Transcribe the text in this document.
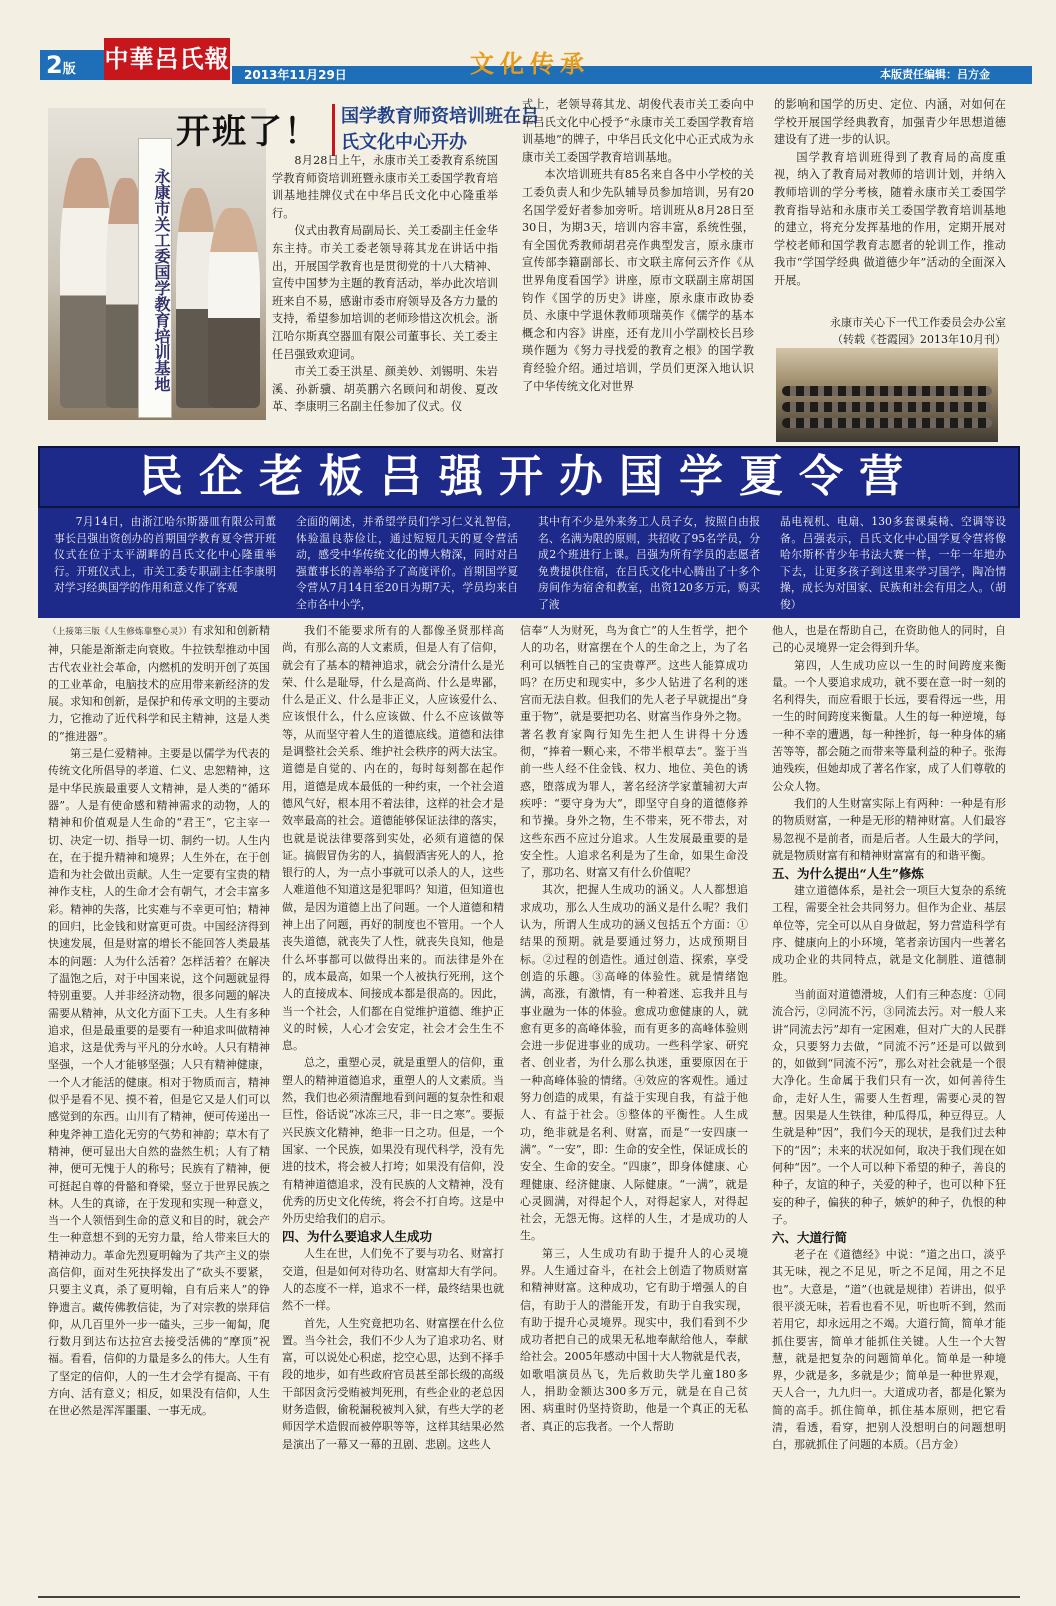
2版	中華呂氏報
2013年11月29日	文化传承	本版责任编辑：吕方金
永康市关工委国学教育培训基地
开班了！	国学教育师资培训班在吕氏文化中心开办

8月28日上午，永康市关工委教育系统国学教育师资培训班暨永康市关工委国学教育培训基地挂牌仪式在中华吕氏文化中心隆重举行。

仪式由教育局副局长、关工委副主任金华东主持。市关工委老领导蒋其龙在讲话中指出，开展国学教育也是贯彻党的十八大精神、宣传中国梦为主题的教育活动，举办此次培训班来自不易，感谢市委市府领导及各方力量的支持，希望参加培训的老师珍惜这次机会。浙江哈尔斯真空器皿有限公司董事长、关工委主任吕强致欢迎词。

市关工委王洪星、颜美妙、刘锡明、朱岩溪、孙新骥、胡英鹏六名顾问和胡俊、夏改革、李康明三名副主任参加了仪式。仪

式上，老领导蒋其龙、胡俊代表市关工委向中华吕氏文化中心授予“永康市关工委国学教育培训基地”的牌子，中华吕氏文化中心正式成为永康市关工委国学教育培训基地。

本次培训班共有85名来自各中小学校的关工委负责人和少先队辅导员参加培训，另有20名国学爱好者参加旁听。培训班从8月28日至30日，为期3天，培训内容丰富，系统性强，有全国优秀教师胡君亮作典型发言，原永康市宣传部李籍副部长、市文联主席何云齐作《从世界角度看国学》讲座，原市文联副主席胡国钧作《国学的历史》讲座，原永康市政协委员、永康中学退休教师项瑞英作《儒学的基本概念和内容》讲座，还有龙川小学副校长吕珍瑛作题为《努力寻找爱的教育之根》的国学教育经验介绍。通过培训，学员们更深入地认识了中华传统文化对世界

的影响和国学的历史、定位、内涵，对如何在学校开展国学经典教育，加强青少年思想道德建设有了进一步的认识。

国学教育培训班得到了教育局的高度重视，纳入了教育局对教师的培训计划，并纳入教师培训的学分考核，随着永康市关工委国学教育指导站和永康市关工委国学教育培训基地的建立，将充分发挥基地的作用，定期开展对学校老师和国学教育志愿者的轮训工作，推动我市“学国学经典 做道德少年”活动的全面深入开展。

永康市关心下一代工作委员会办公室
（转载《苍霞园》2013年10月刊）
民企老板吕强开办国学夏令营

7月14日，由浙江哈尔斯器皿有限公司董事长吕强出资创办的首期国学教育夏令营开班仪式在位于太平湖畔的吕氏文化中心隆重举行。开班仪式上，市关工委专职副主任李康明对学习经典国学的作用和意义作了客观

全面的阐述，并希望学员们学习仁义礼智信，体验温良恭俭让，通过短短几天的夏令营活动，感受中华传统文化的博大精深，同时对吕强董事长的善举给予了高度评价。首期国学夏令营从7月14日至20日为期7天，学员均来自全市各中小学，

其中有不少是外来务工人员子女，按照自由报名、名满为限的原则，共招收了95名学员，分成2个班进行上课。吕强为所有学员的志愿者免费提供住宿，在吕氏文化中心腾出了十多个房间作为宿舍和教室，出资120多万元，购买了液

晶电视机、电扇、130多套课桌椅、空调等设备。吕强表示，吕氏文化中心国学夏令营将像哈尔斯杯青少年书法大赛一样，一年一年地办下去，让更多孩子到这里来学习国学，陶冶情操，成长为对国家、民族和社会有用之人。（胡俊）

（上接第三版《人生修炼靠整心灵》）有求知和创新精神，只能是渐渐走向衰败。牛拉铁犁推动中国古代农业社会革命，内燃机的发明开创了英国的工业革命，电脑技术的应用带来新经济的发展。求知和创新，是保护和传承文明的主要动力，它推动了近代科学和民主精神，这是人类的“推进器”。

第三是仁爱精神。主要是以儒学为代表的传统文化所倡导的孝道、仁义、忠恕精神，这是中华民族最重要人文精神，是人类的“循环器”。人是有使命感和精神需求的动物，人的精神和价值观是人生命的“君王”，它主宰一切、决定一切、指导一切、制约一切。人生内在，在于提升精神和境界；人生外在，在于创造和为社会做出贡献。人生一定要有宝贵的精神作支柱，人的生命才会有朝气，才会丰富多彩。精神的失落，比实难与不幸更可怕；精神的回归，比金钱和财富更可贵。中国经济得到快速发展，但是财富的增长不能回答人类最基本的问题：人为什么活着？怎样活着？在解决了温饱之后，对于中国来说，这个问题就显得特别重要。人并非经济动物，很多问题的解决需要从精神，从文化方面下工夫。人生有多种追求，但是最重要的是要有一种追求叫做精神追求，这是优秀与平凡的分水岭。人只有精神坚强，一个人才能够坚强；人只有精神健康，一个人才能活的健康。相对于物质而言，精神似乎是看不见、摸不着，但是它又是人们可以感觉到的东西。山川有了精神，便可传递出一种鬼斧神工造化无穷的气势和神韵；草木有了精神，便可显出大自然的盎然生机；人有了精神，便可无愧于人的称号；民族有了精神，便可挺起自尊的骨骼和脊梁，竖立于世界民族之林。人生的真谛，在于发现和实现一种意义，当一个人领悟到生命的意义和目的时，就会产生一种意想不到的无穷力量，给人带来巨大的精神动力。革命先烈夏明翰为了共产主义的崇高信仰，面对生死抉择发出了“砍头不要紧，只要主义真，杀了夏明翰，自有后来人”的铮铮遗言。藏传佛教信徒，为了对宗教的崇拜信仰，从几百里外一步一磕头，三步一匍匐，爬行数月到达布达拉宫去接受活佛的“摩顶”祝福。看看，信仰的力量是多么的伟大。人生有了坚定的信仰，人的一生才会学有提高、干有方向、活有意义；相反，如果没有信仰，人生在世必然是浑浑噩噩、一事无成。

我们不能要求所有的人都像圣贤那样高尚，有那么高的人文素质，但是人有了信仰，就会有了基本的精神追求，就会分清什么是光荣、什么是耻辱，什么是高尚、什么是卑鄙，什么是正义、什么是非正义，人应该爱什么、应该恨什么，什么应该做、什么不应该做等等，从而坚守着人生的道德底线。道德和法律是调整社会关系、维护社会秩序的两大法宝。道德是自觉的、内在的，每时每刻都在起作用，道德是成本最低的一种约束，一个社会道德风气好，根本用不着法律，这样的社会才是效率最高的社会。道德能够保证法律的落实，也就是说法律要落到实处，必须有道德的保证。搞假冒伪劣的人，搞假酒害死人的人，抢银行的人，为一点小事就可以杀人的人，这些人难道他不知道这是犯罪吗？知道，但知道也做，是因为道德上出了问题。一个人道德和精神上出了问题，再好的制度也不管用。一个人丧失道德，就丧失了人性，就丧失良知，他是什么坏事都可以做得出来的。而法律是外在的，成本最高，如果一个人被执行死刑，这个人的直接成本、间接成本都是很高的。因此，当一个社会，人们都在自觉维护道德、维护正义的时候，人心才会安定，社会才会生生不息。

总之，重塑心灵，就是重塑人的信仰，重塑人的精神道德追求，重塑人的人文素质。当然，我们也必须清醒地看到问题的复杂性和艰巨性，俗话说“冰冻三尺，非一日之寒”。要振兴民族文化精神，绝非一日之功。但是，一个国家、一个民族，如果没有现代科学，没有先进的技术，将会被人打垮；如果没有信仰，没有精神道德追求，没有民族的人文精神，没有优秀的历史文化传统，将会不打自垮。这是中外历史给我们的启示。

四、为什么要追求人生成功

人生在世，人们免不了要与功名、财富打交道，但是如何对待功名、财富却大有学问。人的态度不一样，追求不一样，最终结果也就然不一样。

首先，人生究竟把功名、财富摆在什么位置。当今社会，我们不少人为了追求功名、财富，可以说处心积虑，挖空心思，达到不择手段的地步，如有些政府官员甚至部长级的高级干部因贪污受贿被判死刑，有些企业的老总因财务造假，偷税漏税被判入狱，有些大学的老师因学术造假而被停职等等，这样其结果必然是演出了一幕又一幕的丑剧、悲剧。这些人

信奉“人为财死，鸟为食亡”的人生哲学，把个人的功名，财富摆在个人的生命之上，为了名利可以牺牲自己的宝贵尊严。这些人能算成功吗？在历史和现实中，多少人钻进了名利的迷宫而无法自救。但我们的先人老子早就提出“身重于物”，就是要把功名、财富当作身外之物。著名教育家陶行知先生把人生讲得十分透彻，“捧着一颗心来，不带半根草去”。鉴于当前一些人经不住金钱、权力、地位、美色的诱惑，堕落成为罪人，著名经济学家董辅初大声疾呼：“要守身为大”，即坚守自身的道德修养和节操。身外之物，生不带来，死不带去，对这些东西不应过分追求。人生发展最重要的是安全性。人追求名利是为了生命，如果生命没了，那功名、财富又有什么价值呢？

其次，把握人生成功的涵义。人人都想追求成功，那么人生成功的涵义是什么呢？我们认为，所谓人生成功的涵义包括五个方面：①结果的预期。就是要通过努力，达成预期目标。②过程的创造性。通过创造、探索，享受创造的乐趣。③高峰的体验性。就是情绪饱满，高涨，有激情，有一种着迷、忘我并且与事业融为一体的体验。愈成功愈健康的人，就愈有更多的高峰体验，而有更多的高峰体验则会进一步促进事业的成功。一些科学家、研究者、创业者，为什么那么执迷，重要原因在于一种高峰体验的情绪。④效应的客观性。通过努力创造的成果，有益于实现自我，有益于他人、有益于社会。⑤整体的平衡性。人生成功，绝非就是名利、财富，而是“一安四康一满”。“一安”，即：生命的安全性，保证成长的安全、生命的安全。“四康”，即身体健康、心理健康、经济健康、人际健康。“一满”，就是心灵圆满，对得起个人，对得起家人，对得起社会，无怨无悔。这样的人生，才是成功的人生。

第三，人生成功有助于提升人的心灵境界。人生通过奋斗，在社会上创造了物质财富和精神财富。这种成功，它有助于增强人的自信，有助于人的潜能开发，有助于自我实现，有助于提升心灵境界。现实中，我们看到不少成功者把自己的成果无私地奉献给他人，奉献给社会。2005年感动中国十大人物就是代表，如歌唱演员丛飞，先后救助失学儿童180多人，捐助金额达300多万元，就是在自己贫困、病重时仍坚持资助，他是一个真正的无私者、真正的忘我者。一个人帮助

他人，也是在帮助自己，在资助他人的同时，自己的心灵境界一定会得到升华。

第四，人生成功应以一生的时间跨度来衡量。一个人要追求成功，就不要在意一时一刻的名利得失，而应看眼于长远，要看得远一些，用一生的时间跨度来衡量。人生的每一种逆境，每一种不幸的遭遇，每一种挫折，每一种身体的痛苦等等，都会随之而带来等量利益的种子。张海迪残疾，但她却成了著名作家，成了人们尊敬的公众人物。

我们的人生财富实际上有两种：一种是有形的物质财富，一种是无形的精神财富。人们最容易忽视不是前者，而是后者。人生最大的学问，就是物质财富有和精神财富富有的和谐平衡。

五、为什么提出“人生”修炼

建立道德体系，是社会一项巨大复杂的系统工程，需要全社会共同努力。但作为企业、基层单位等，完全可以从自身做起，努力营造科学有序、健康向上的小环境，笔者亲访国内一些著名成功企业的共同特点，就是文化制胜、道德制胜。

当前面对道德滑坡，人们有三种态度：①同流合污，②同流不污，③同流去污。对一般人来讲“同流去污”却有一定困难，但对广大的人民群众，只要努力去做，“同流不污”还是可以做到的，如做到“同流不污”，那么对社会就是一个很大净化。生命属于我们只有一次，如何善待生命，走好人生，需要人生哲理，需要心灵的智慧。因果是人生铁律，种瓜得瓜，种豆得豆。人生就是种“因”，我们今天的现状，是我们过去种下的“因”；未来的状况如何，取决于我们现在如何种“因”。一个人可以种下希望的种子，善良的种子，友谊的种子，关爱的种子，也可以种下狂妄的种子，偏狭的种子，嫉妒的种子，仇恨的种子。

六、大道行简

老子在《道德经》中说：“道之出口，淡乎其无味，视之不足见，听之不足闻，用之不足也”。大意是，“道”（也就是规律）若讲出，似乎很平淡无味，若看也看不见，听也听不到，然而若用它，却永远用之不竭。大道行简，简单才能抓住要害，简单才能抓住关键。人生一个大智慧，就是把复杂的问题简单化。简单是一种境界，少就是多，多就是少；简单是一种世界观，天人合一，九九归一。大道成功者，都是化繁为简的高手。抓住简单，抓住基本原则，把它看清，看透，看穿，把别人没想明白的问题想明白，那就抓住了问题的本质。（吕方金）
